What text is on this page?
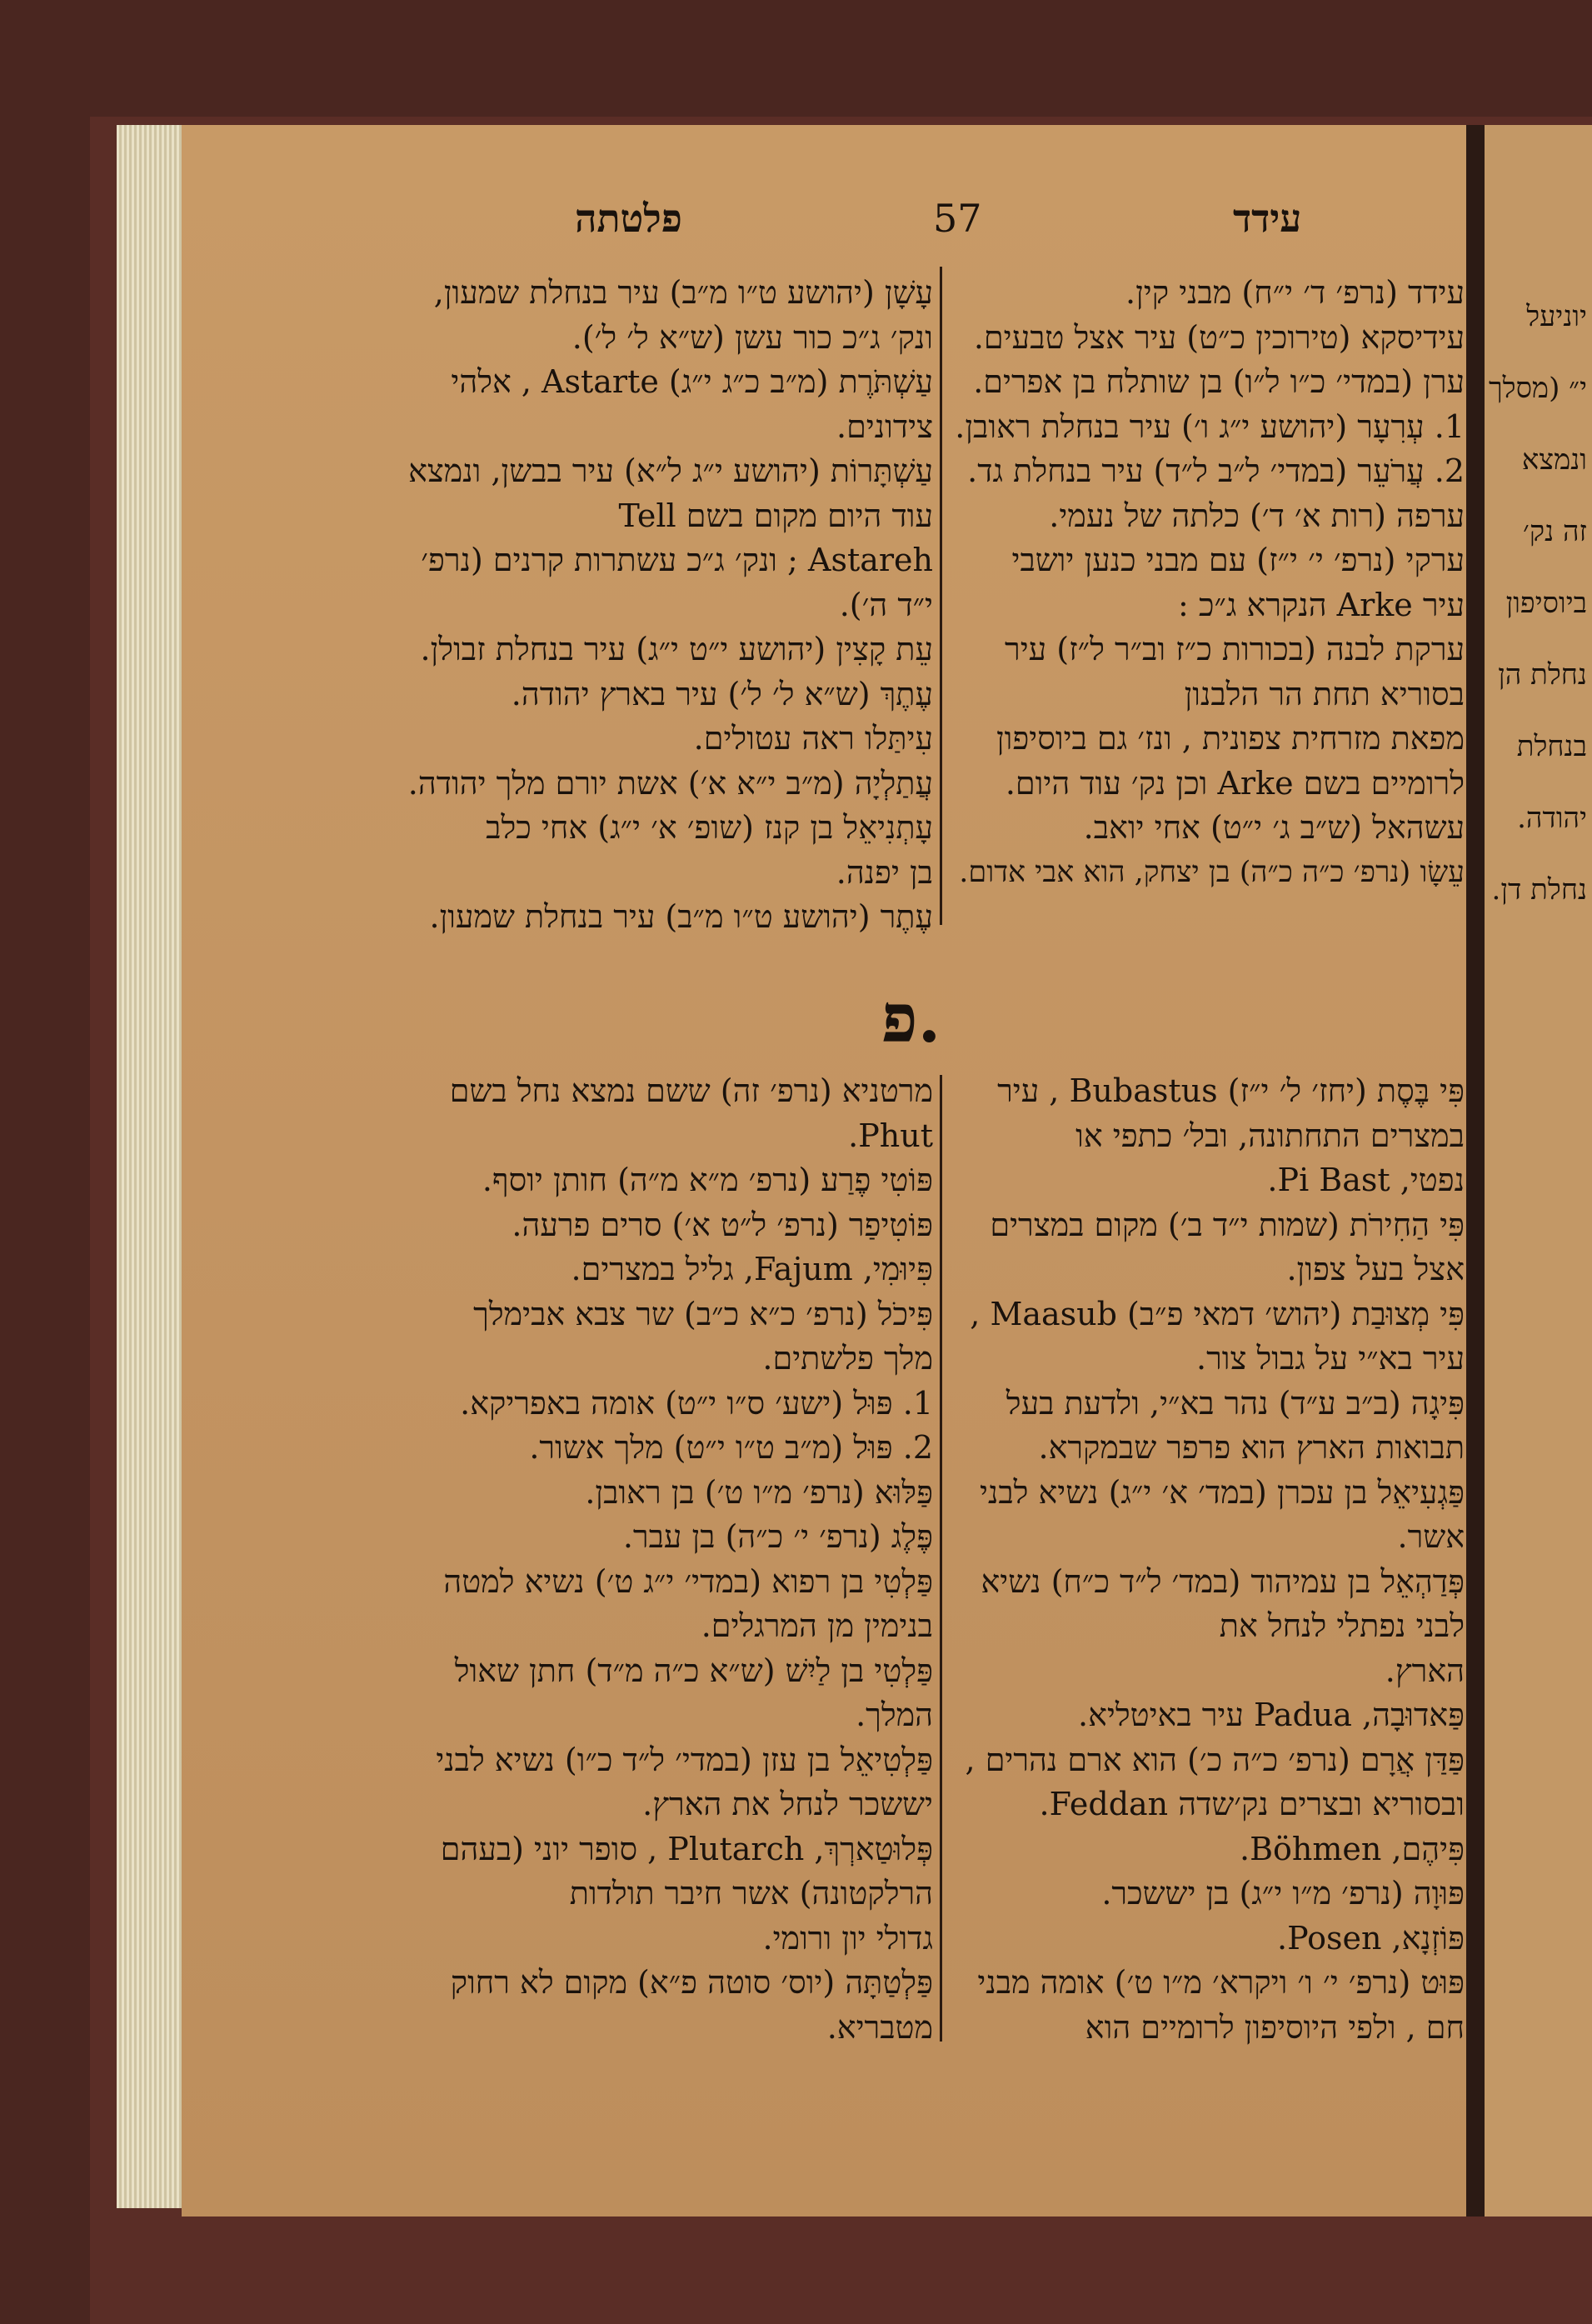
יוניעל

י״ (מסלך

ונמצא

זה נק׳

ביוסיפון

נחלת הן

בנחלת

יהודה.

נחלת דן.

פלטתה	57	עידד

עידד (נרפ׳ ד׳ י״ח) מבני קין.

עידיסקא (טירוכין כ״ט) עיר אצל טבעים.

ערן (במדי׳ כ״ו ל״ו) בן שותלח בן אפרים.

1. עְרִעָר (יהושע י״ג ו׳) עיר בנחלת ראובן.

2. עֲרֹעֵר (במדי׳ ל״ב ל״ד) עיר בנחלת גד.

ערפה (רות א׳ ד׳) כלתה של נעמי.

ערקי (נרפ׳ י׳ י״ז) עם מבני כנען יושבי

עיר Arke הנקרא ג״כ :

ערקת לבנה (בכורות כ״ז וב״ר ל״ז) עיר

בסוריא תחת הר הלבנון

מפאת מזרחית צפונית , ונז׳ גם ביוסיפון

לרומיים בשם Arke וכן נק׳ עוד היום.

עשהאל (ש״ב ג׳ י״ט) אחי יואב.

עֵשָׂו (נרפ׳ כ״ה כ״ה) בן יצחק, הוא אבי אדום.

עָשָׁן (יהושע ט״ו מ״ב) עיר בנחלת שמעון,

ונק׳ ג״כ כור עשן (ש״א ל׳ ל׳).

עַשְׁתֹּרֶת (מ״ב כ״ג י״ג) Astarte , אלהי

צידונים.

עַשְׁתָּרוֹת (יהושע י״ג ל״א) עיר בבשן, ונמצא

עוד היום מקום בשם Tell

Astareh ; ונק׳ ג״כ עשתרות קרנים (נרפ׳

י״ד ה׳).

עֵת קָצִין (יהושע י״ט י״ג) עיר בנחלת זבולן.

עֶתֶךְ (ש״א ל׳ ל׳) עיר בארץ יהודה.

עִיתַּלו ראה עטולים.

עֲתַלְיָה (מ״ב י״א א׳) אשת יורם מלך יהודה.

עָתְנִיאֵל בן קנז (שופ׳ א׳ י״ג) אחי כלב

בן יפנה.

עֶתֶר (יהושע ט״ו מ״ב) עיר בנחלת שמעון.

פ.

פִּי בֶּסֶת (יחז׳ ל׳ י״ז) Bubastus , עיר

במצרים התחתונה, ובל׳ כתפי או

נפטי, Pi Bast.

פִּי הַחִירֹת (שמות י״ד ב׳) מקום במצרים

אצל בעל צפון.

פִּי מְצוּבַת (יהוש׳ דמאי פ״ב) Maasub ,

עיר בא״י על גבול צור.

פִּיגָה (ב״ב ע״ד) נהר בא״י, ולדעת בעל

תבואות הארץ הוא פרפר שבמקרא.

פַּגְעִיאֵל בן עכרן (במד׳ א׳ י״ג) נשיא לבני

אשר.

פְּדַהְאֵל בן עמיהוד (במד׳ ל״ד כ״ח) נשיא

לבני נפתלי לנחל את

הארץ.

פַּאדוּבָה, Padua עיר באיטליא.

פַּדַּן אֲרָם (נרפ׳ כ״ה כ׳) הוא ארם נהרים ,

ובסוריא ובצרים נק׳שדה Feddan.

פִּיהֶם, Böhmen.

פּוּוָה (נרפ׳ מ״ו י״ג) בן יששכר.

פּוֹזְנָא, Posen.

פּוּט (נרפ׳ י׳ ו׳ ויקרא׳ מ״ו ט׳) אומה מבני

חם , ולפי היוסיפון לרומיים הוא

מרטניא (נרפ׳ זה) ששם נמצא נחל בשם

Phut.

פּוֹטִי פֶרַע (נרפ׳ מ״א מ״ה) חותן יוסף.

פּוֹטִיפַר (נרפ׳ ל״ט א׳) סרים פרעה.

פִּיוּמִי, Fajum, גליל במצרים.

פִּיכֹל (נרפ׳ כ״א כ״ב) שר צבא אבימלך

מלך פלשתים.

1. פּוּל (ישע׳ ס״ו י״ט) אומה באפריקא.

2. פּוּל (מ״ב ט״ו י״ט) מלך אשור.

פַּלּוּא (נרפ׳ מ״ו ט׳) בן ראובן.

פֶּלֶג (נרפ׳ י׳ כ״ה) בן עבר.

פַּלְטִי בן רפוא (במדי׳ י״ג ט׳) נשיא למטה

בנימין מן המרגלים.

פַּלְטִי בן לַיִשׁ (ש״א כ״ה מ״ד) חתן שאול

המלך.

פַּלְטִיאֵל בן עזן (במדי׳ ל״ד כ״ו) נשיא לבני

יששכר לנחל את הארץ.

פְּלוּטַארְךְ, Plutarch , סופר יוני (בעהם

הרלקטונה) אשר חיבר תולדות

גדולי יון ורומי.

פַּלְטַתָּה (יוס׳ סוטה פ״א) מקום לא רחוק

מטבריא.
